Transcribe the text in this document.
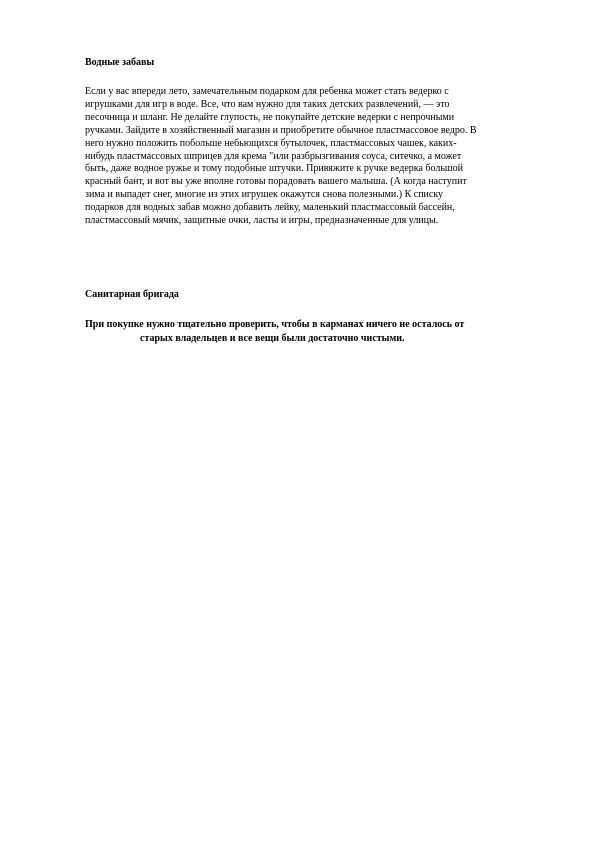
Водные забавы
Если у вас впереди лето, замечательным подарком для ребенка может стать ведерко с
игрушками для игр в воде. Все, что вам нужно для таких детских развлечений, — это
песочница и шланг. Не делайте глупость, не покупайте детские ведерки с непрочными
ручками. Зайдите в хозяйственный магазин и приобретите обычное пластмассовое ведро. В
него нужно положить побольше небьющихся бутылочек, пластмассовых чашек, каких-
нибудь пластмассовых шприцев для крема "или разбрызгивания соуса, ситечко, а может
быть, даже водное ружье и тому подобные штучки. Привяжите к ручке ведерка большой
красный бант, и вот вы уже вполне готовы порадовать вашего малыша. (А когда наступит
зима и выпадет снег, многие из этих игрушек окажутся снова полезными.) К списку
подарков для водных забав можно добавить лейку, маленький пластмассовый бассейн,
пластмассовый мячик, защитные очки, ласты и игры, предназначенные для улицы.
Санитарная бригада
При покупке нужно тщательно проверить, чтобы в карманах ничего не осталось от
старых владельцев и все вещи были достаточно чистыми.
